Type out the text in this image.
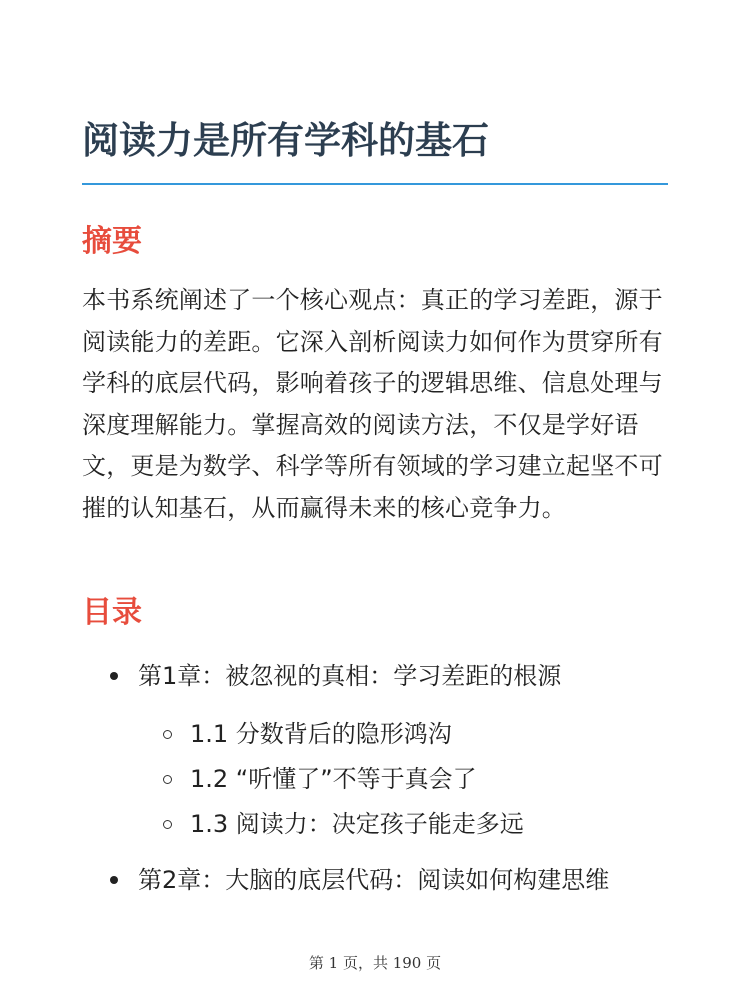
阅读力是所有学科的基石
摘要

本书系统阐述了一个核心观点：真正的学习差距，源于阅读能力的差距。它深入剖析阅读力如何作为贯穿所有学科的底层代码，影响着孩子的逻辑思维、信息处理与深度理解能力。掌握高效的阅读方法，不仅是学好语文，更是为数学、科学等所有领域的学习建立起坚不可摧的认知基石，从而赢得未来的核心竞争力。

目录
第1章：被忽视的真相：学习差距的根源
1.1 分数背后的隐形鸿沟
1.2 “听懂了”不等于真会了
1.3 阅读力：决定孩子能走多远
第2章：大脑的底层代码：阅读如何构建思维
第 1 页，共 190 页
